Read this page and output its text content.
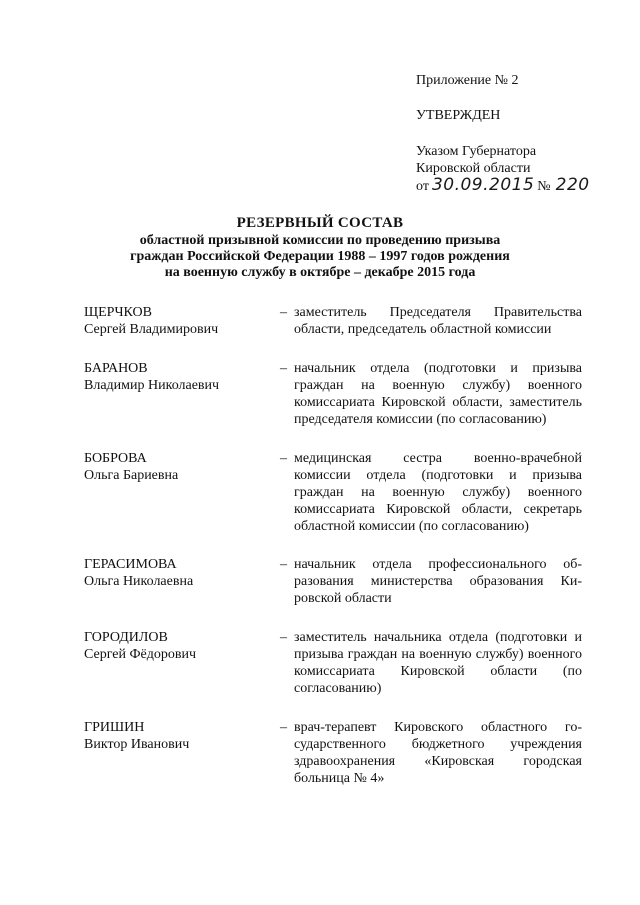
Приложение № 2
УТВЕРЖДЕН
Указом Губернатора
Кировской области
от 30.09.2015 № 220
РЕЗЕРВНЫЙ СОСТАВ
областной призывной комиссии по проведению призыва
граждан Российской Федерации 1988 – 1997 годов рождения
на военную службу в октябре – декабре 2015 года
ЩЕРЧКОВ
Сергей Владимирович
– заместитель Председателя Правительства области, председатель областной комиссии
БАРАНОВ
Владимир Николаевич
– начальник отдела (подготовки и призыва граждан на военную службу) военного комиссариата Кировской области, заместитель председателя комиссии (по согласованию)
БОБРОВА
Ольга Бариевна
– медицинская сестра военно-врачебной комиссии отдела (подготовки и призыва граждан на военную службу) военного комиссариата Кировской области, секретарь областной комиссии (по согласованию)
ГЕРАСИМОВА
Ольга Николаевна
– начальник отдела профессионального образования министерства образования Кировской области
ГОРОДИЛОВ
Сергей Фёдорович
– заместитель начальника отдела (подготовки и призыва граждан на военную службу) военного комиссариата Кировской области (по согласованию)
ГРИШИН
Виктор Иванович
– врач-терапевт Кировского областного государственного бюджетного учреждения здравоохранения «Кировская городская больница № 4»
